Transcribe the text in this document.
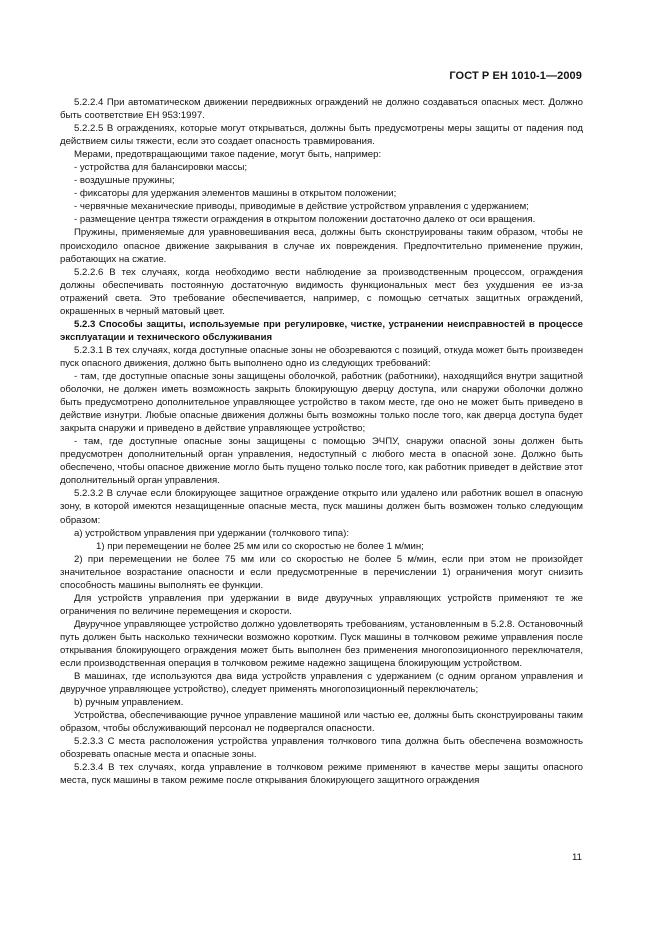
ГОСТ Р ЕН 1010-1—2009

5.2.2.4 При автоматическом движении передвижных ограждений не должно создаваться опасных мест. Должно быть соответствие ЕН 953:1997.

5.2.2.5 В ограждениях, которые могут открываться, должны быть предусмотрены меры защиты от падения под действием силы тяжести, если это создает опасность травмирования.

Мерами, предотвращающими такое падение, могут быть, например:

- устройства для балансировки массы;

- воздушные пружины;

- фиксаторы для удержания элементов машины в открытом положении;

- червячные механические приводы, приводимые в действие устройством управления с удержанием;

- размещение центра тяжести ограждения в открытом положении достаточно далеко от оси вращения.

Пружины, применяемые для уравновешивания веса, должны быть сконструированы таким образом, чтобы не происходило опасное движение закрывания в случае их повреждения. Предпочтительно применение пружин, работающих на сжатие.

5.2.2.6 В тех случаях, когда необходимо вести наблюдение за производственным процессом, ограждения должны обеспечивать постоянную достаточную видимость функциональных мест без ухудшения ее из-за отражений света. Это требование обеспечивается, например, с помощью сетчатых защитных ограждений, окрашенных в черный матовый цвет.

5.2.3 Способы защиты, используемые при регулировке, чистке, устранении неисправностей в процессе эксплуатации и технического обслуживания

5.2.3.1 В тех случаях, когда доступные опасные зоны не обозреваются с позиций, откуда может быть произведен пуск опасного движения, должно быть выполнено одно из следующих требований:

- там, где доступные опасные зоны защищены оболочкой, работник (работники), находящийся внутри защитной оболочки, не должен иметь возможность закрыть блокирующую дверцу доступа, или снаружи оболочки должно быть предусмотрено дополнительное управляющее устройство в таком месте, где оно не может быть приведено в действие изнутри. Любые опасные движения должны быть возможны только после того, как дверца доступа будет закрыта снаружи и приведено в действие управляющее устройство;

- там, где доступные опасные зоны защищены с помощью ЭЧПУ, снаружи опасной зоны должен быть предусмотрен дополнительный орган управления, недоступный с любого места в опасной зоне. Должно быть обеспечено, чтобы опасное движение могло быть пущено только после того, как работник приведет в действие этот дополнительный орган управления.

5.2.3.2 В случае если блокирующее защитное ограждение открыто или удалено или работник вошел в опасную зону, в которой имеются незащищенные опасные места, пуск машины должен быть возможен только следующим образом:

a) устройством управления при удержании (толчкового типа):

1) при перемещении не более 25 мм или со скоростью не более 1 м/мин;

2) при перемещении не более 75 мм или со скоростью не более 5 м/мин, если при этом не произойдет значительное возрастание опасности и если предусмотренные в перечислении 1) ограничения могут снизить способность машины выполнять ее функции.

Для устройств управления при удержании в виде двуручных управляющих устройств применяют те же ограничения по величине перемещения и скорости.

Двуручное управляющее устройство должно удовлетворять требованиям, установленным в 5.2.8. Остановочный путь должен быть насколько технически возможно коротким. Пуск машины в толчковом режиме управления после открывания блокирующего ограждения может быть выполнен без применения многопозиционного переключателя, если производственная операция в толчковом режиме надежно защищена блокирующим устройством.

В машинах, где используются два вида устройств управления с удержанием (с одним органом управления и двуручное управляющее устройство), следует применять многопозиционный переключатель;

b) ручным управлением.

Устройства, обеспечивающие ручное управление машиной или частью ее, должны быть сконструированы таким образом, чтобы обслуживающий персонал не подвергался опасности.

5.2.3.3 С места расположения устройства управления толчкового типа должна быть обеспечена возможность обозревать опасные места и опасные зоны.

5.2.3.4 В тех случаях, когда управление в толчковом режиме применяют в качестве меры защиты опасного места, пуск машины в таком режиме после открывания блокирующего защитного ограждения

11
